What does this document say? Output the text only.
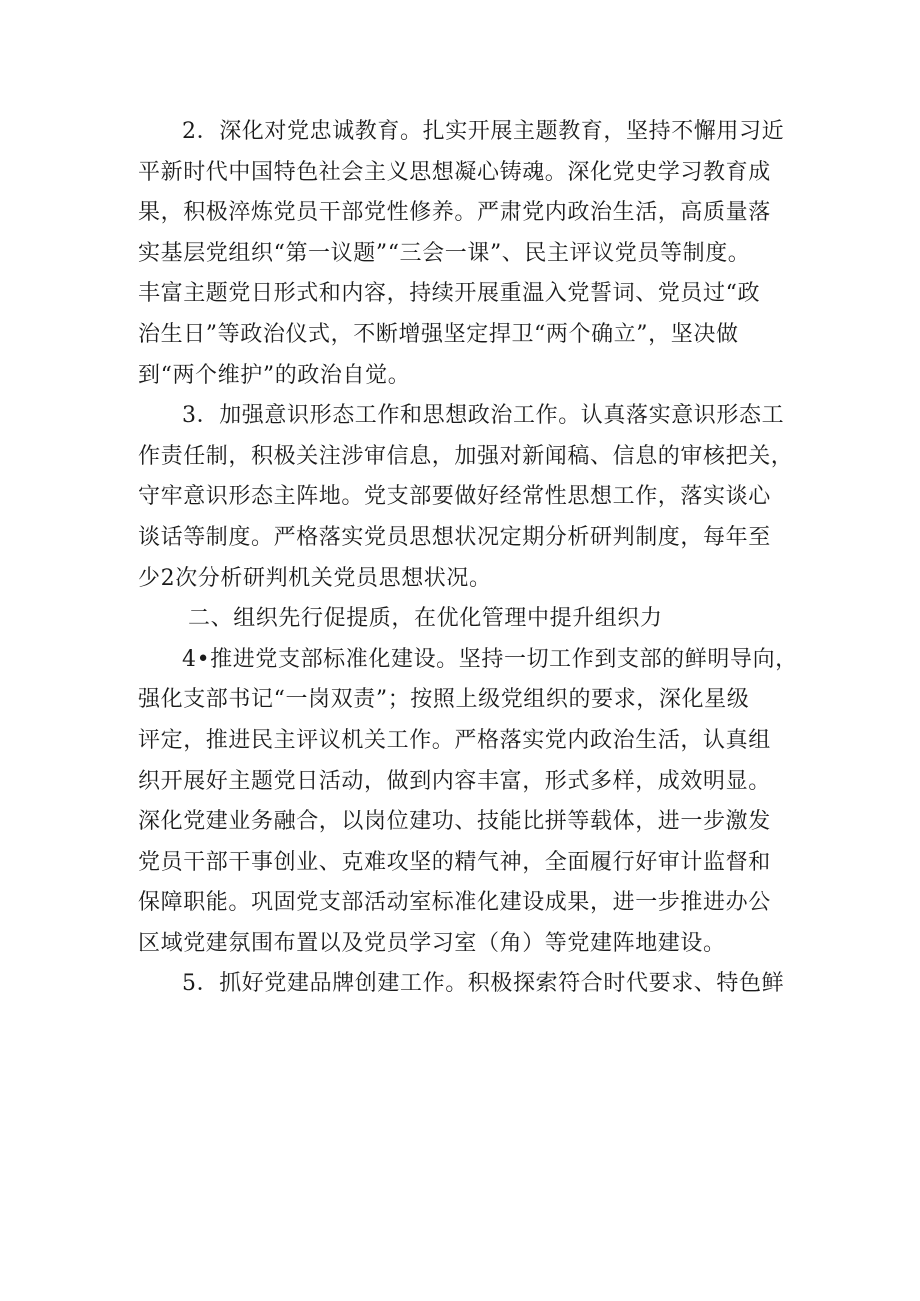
2．深化对党忠诚教育。扎实开展主题教育，坚持不懈用习近
平新时代中国特色社会主义思想凝心铸魂。深化党史学习教育成
果，积极淬炼党员干部党性修养。严肃党内政治生活，高质量落
实基层党组织“第一议题”“三会一课”、民主评议党员等制度。
丰富主题党日形式和内容，持续开展重温入党誓词、党员过“政
治生日”等政治仪式，不断增强坚定捍卫“两个确立”，坚决做
到“两个维护”的政治自觉。
3．加强意识形态工作和思想政治工作。认真落实意识形态工
作责任制，积极关注涉审信息，加强对新闻稿、信息的审核把关，
守牢意识形态主阵地。党支部要做好经常性思想工作，落实谈心
谈话等制度。严格落实党员思想状况定期分析研判制度，每年至
少2次分析研判机关党员思想状况。
二、组织先行促提质，在优化管理中提升组织力
4•推进党支部标准化建设。坚持一切工作到支部的鲜明导向，
强化支部书记“一岗双责”；按照上级党组织的要求，深化星级
评定，推进民主评议机关工作。严格落实党内政治生活，认真组
织开展好主题党日活动，做到内容丰富，形式多样，成效明显。
深化党建业务融合，以岗位建功、技能比拼等载体，进一步激发
党员干部干事创业、克难攻坚的精气神，全面履行好审计监督和
保障职能。巩固党支部活动室标准化建设成果，进一步推进办公
区域党建氛围布置以及党员学习室（角）等党建阵地建设。
5．抓好党建品牌创建工作。积极探索符合时代要求、特色鲜
